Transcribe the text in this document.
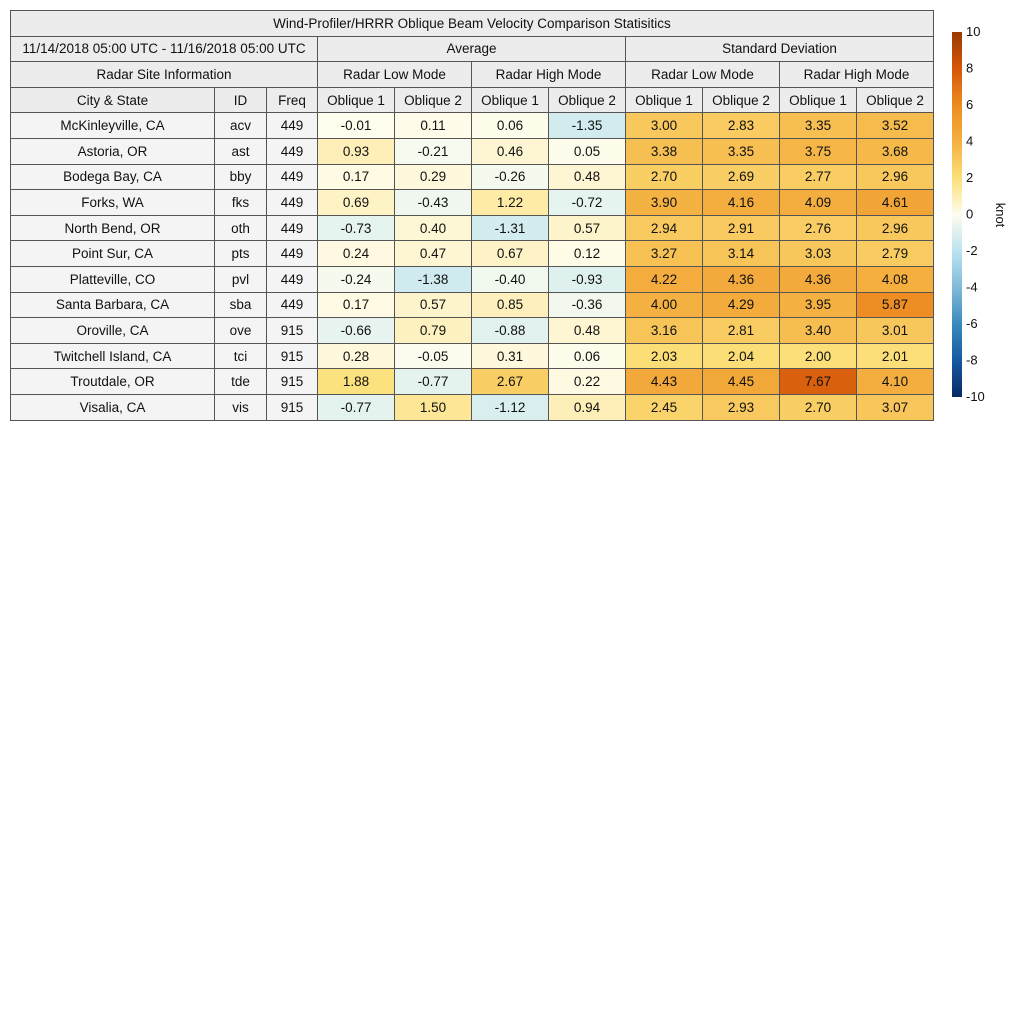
Wind-Profiler/HRRR Oblique Beam Velocity Comparison Statisitics										
11/14/2018 05:00 UTC - 11/16/2018 05:00 UTC			Average				Standard Deviation			
Radar Site Information			Radar Low Mode		Radar High Mode		Radar Low Mode		Radar High Mode	
City & State	ID	Freq	Oblique 1	Oblique 2	Oblique 1	Oblique 2	Oblique 1	Oblique 2	Oblique 1	Oblique 2
McKinleyville, CA	acv	449	-0.01	0.11	0.06	-1.35	3.00	2.83	3.35	3.52
Astoria, OR	ast	449	0.93	-0.21	0.46	0.05	3.38	3.35	3.75	3.68
Bodega Bay, CA	bby	449	0.17	0.29	-0.26	0.48	2.70	2.69	2.77	2.96
Forks, WA	fks	449	0.69	-0.43	1.22	-0.72	3.90	4.16	4.09	4.61
North Bend, OR	oth	449	-0.73	0.40	-1.31	0.57	2.94	2.91	2.76	2.96
Point Sur, CA	pts	449	0.24	0.47	0.67	0.12	3.27	3.14	3.03	2.79
Platteville, CO	pvl	449	-0.24	-1.38	-0.40	-0.93	4.22	4.36	4.36	4.08
Santa Barbara, CA	sba	449	0.17	0.57	0.85	-0.36	4.00	4.29	3.95	5.87
Oroville, CA	ove	915	-0.66	0.79	-0.88	0.48	3.16	2.81	3.40	3.01
Twitchell Island, CA	tci	915	0.28	-0.05	0.31	0.06	2.03	2.04	2.00	2.01
Troutdale, OR	tde	915	1.88	-0.77	2.67	0.22	4.43	4.45	7.67	4.10
Visalia, CA	vis	915	-0.77	1.50	-1.12	0.94	2.45	2.93	2.70	3.07
10
8
6
4
2
0
-2
-4
-6
-8
-10
knot
